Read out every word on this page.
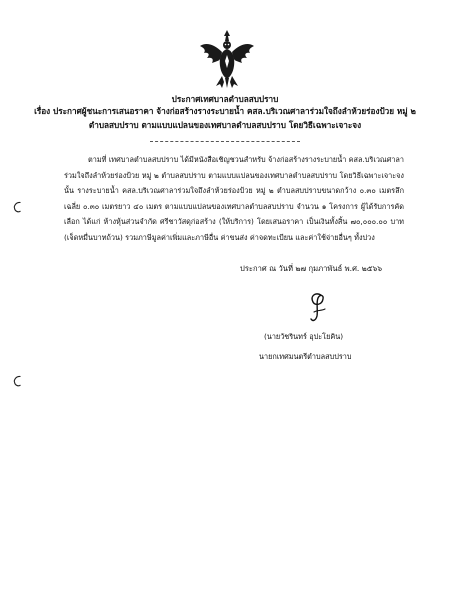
ประกาศเทศบาลตำบลสบปราบ
เรื่อง ประกาศผู้ชนะการเสนอราคา จ้างก่อสร้างรางระบายน้ำ คสล.บริเวณศาลาร่วมใจถึงลำห้วยร่องป้วย หมู่ ๒
ตำบลสบปราบ ตามแบบแปลนของเทศบาลตำบลสบปราบ โดยวิธีเฉพาะเจาะจง
ตามที่ เทศบาลตำบลสบปราบ ได้มีหนังสือเชิญชวนสำหรับ จ้างก่อสร้างรางระบายน้ำ คสล.บริเวณศาลาร่วมใจถึงลำห้วยร่องป้วย หมู่ ๒ ตำบลสบปราบ ตามแบบแปลนของเทศบาลตำบลสบปราบ โดยวิธีเฉพาะเจาะจง นั้น รางระบายน้ำ คสล.บริเวณศาลาร่วมใจถึงลำห้วยร่องป้วย หมู่ ๒ ตำบลสบปราบขนาดกว้าง ๐.๓๐ เมตรลึกเฉลี่ย ๐.๓๐ เมตรยาว ๔๐ เมตร ตามแบบแปลนของเทศบาลตำบลสบปราบ จำนวน ๑ โครงการ ผู้ได้รับการคัดเลือก ได้แก่ ห้างหุ้นส่วนจำกัด ศรีชาวัสดุก่อสร้าง (ให้บริการ) โดยเสนอราคา เป็นเงินทั้งสิ้น ๗๐,๐๐๐.๐๐ บาท (เจ็ดหมื่นบาทถ้วน) รวมภาษีมูลค่าเพิ่มและภาษีอื่น ค่าขนส่ง ค่าจดทะเบียน และค่าใช้จ่ายอื่นๆ ทั้งปวง
ประกาศ ณ วันที่ ๒๗ กุมภาพันธ์ พ.ศ. ๒๕๖๖
(นายวัชรินทร์ อุปะโยคิน)
นายกเทศมนตรีตำบลสบปราบ
